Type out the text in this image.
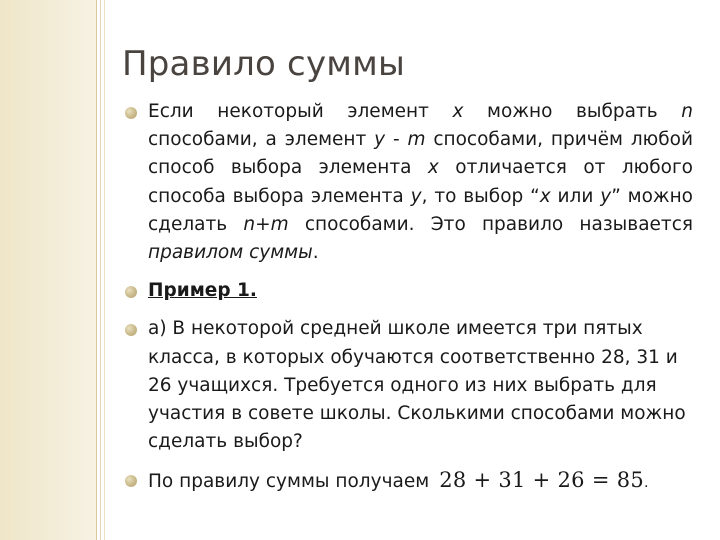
Правило суммы
Если некоторый элемент x можно выбрать n способами, а элемент y - m способами, причём любой способ выбора элемента x отличается от любого способа выбора элемента y, то выбор “x или y” можно сделать n+m способами. Это правило называется правилом суммы.
Пример 1.
а) В некоторой средней школе имеется три пятых класса, в которых обучаются соответственно 28, 31 и 26 учащихся. Требуется одного из них выбрать для участия в совете школы. Сколькими способами можно сделать выбор?
По правилу суммы получаем 28 + 31 + 26 = 85.
